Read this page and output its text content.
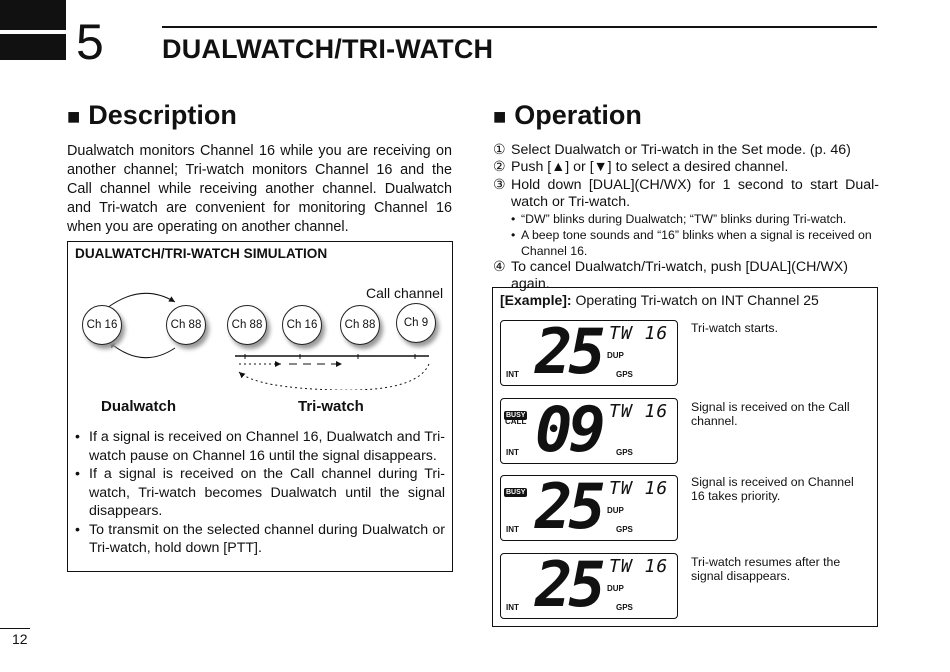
5 DUALWATCH/TRI-WATCH
■ Description

Dualwatch monitors Channel 16 while you are receiving on another channel; Tri-watch monitors Channel 16 and the Call channel while receiving another channel. Dualwatch and Tri-watch are convenient for monitoring Channel 16 when you are operating on another channel.

DUALWATCH/TRI-WATCH SIMULATION
Call channel
Ch 16	Ch 88	Ch 88	Ch 16	Ch 88	Ch 9
Dualwatch	Tri-watch
• If a signal is received on Channel 16, Dualwatch and Tri-watch pause on Channel 16 until the signal disappears.
• If a signal is received on the Call channel during Tri-watch, Tri-watch becomes Dualwatch until the signal disappears.
• To transmit on the selected channel during Dualwatch or Tri-watch, hold down [PTT].
■ Operation
① Select Dualwatch or Tri-watch in the Set mode. (p. 46)
② Push [▲] or [▼] to select a desired channel.
③ Hold down [DUAL](CH/WX) for 1 second to start Dual-watch or Tri-watch.
• “DW” blinks during Dualwatch; “TW” blinks during Tri-watch.
• A beep tone sounds and “16” blinks when a signal is received on Channel 16.
④ To cancel Dualwatch/Tri-watch, push [DUAL](CH/WX) again.
[Example]: Operating Tri-watch on INT Channel 25
25 TW 16
DUP
INT	GPS
Tri-watch starts.
BUSY
CALL 09 TW 16
INT	GPS
Signal is received on the Call channel.
BUSY 25 TW 16
DUP
INT	GPS
Signal is received on Channel 16 takes priority.
25 TW 16
DUP
INT	GPS
Tri-watch resumes after the signal disappears.
12
